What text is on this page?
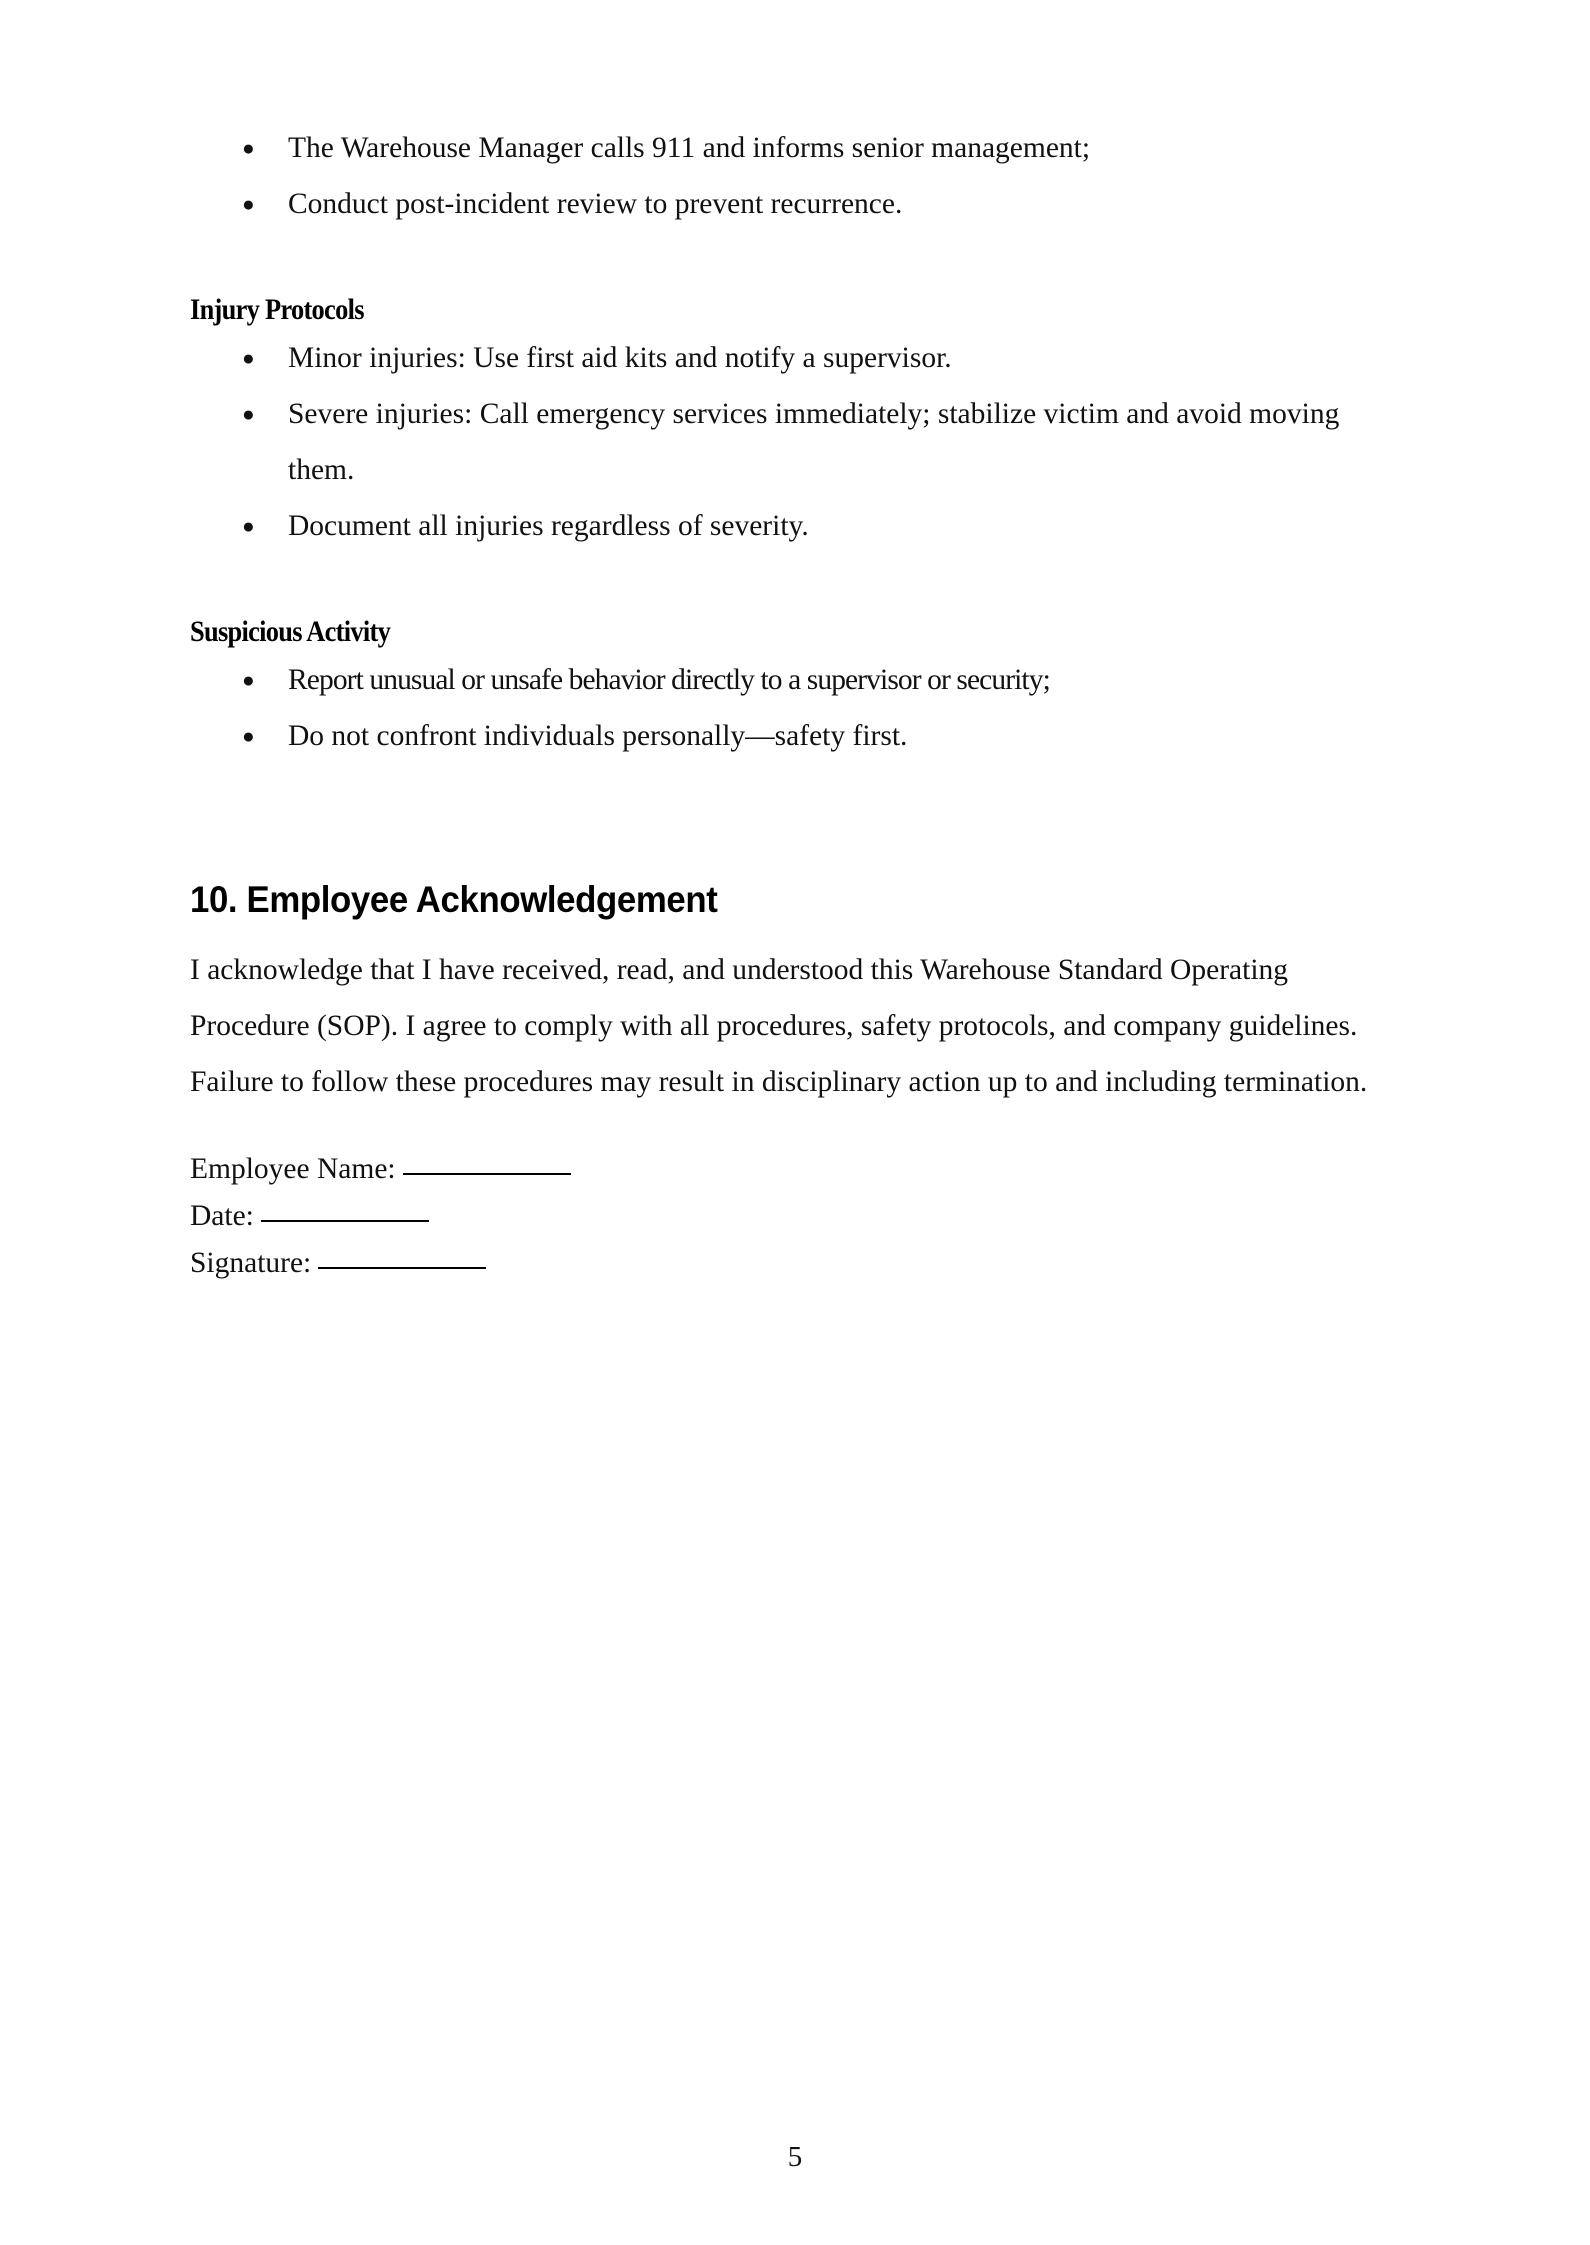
● The Warehouse Manager calls 911 and informs senior management;
● Conduct post-incident review to prevent recurrence.
Injury Protocols
● Minor injuries: Use first aid kits and notify a supervisor.
● Severe injuries: Call emergency services immediately; stabilize victim and avoid moving them.
● Document all injuries regardless of severity.
Suspicious Activity
● Report unusual or unsafe behavior directly to a supervisor or security;
● Do not confront individuals personally—safety first.
10. Employee Acknowledgement

I acknowledge that I have received, read, and understood this Warehouse Standard Operating Procedure (SOP). I agree to comply with all procedures, safety protocols, and company guidelines. Failure to follow these procedures may result in disciplinary action up to and including termination.

Employee Name:
Date:
Signature:
5
